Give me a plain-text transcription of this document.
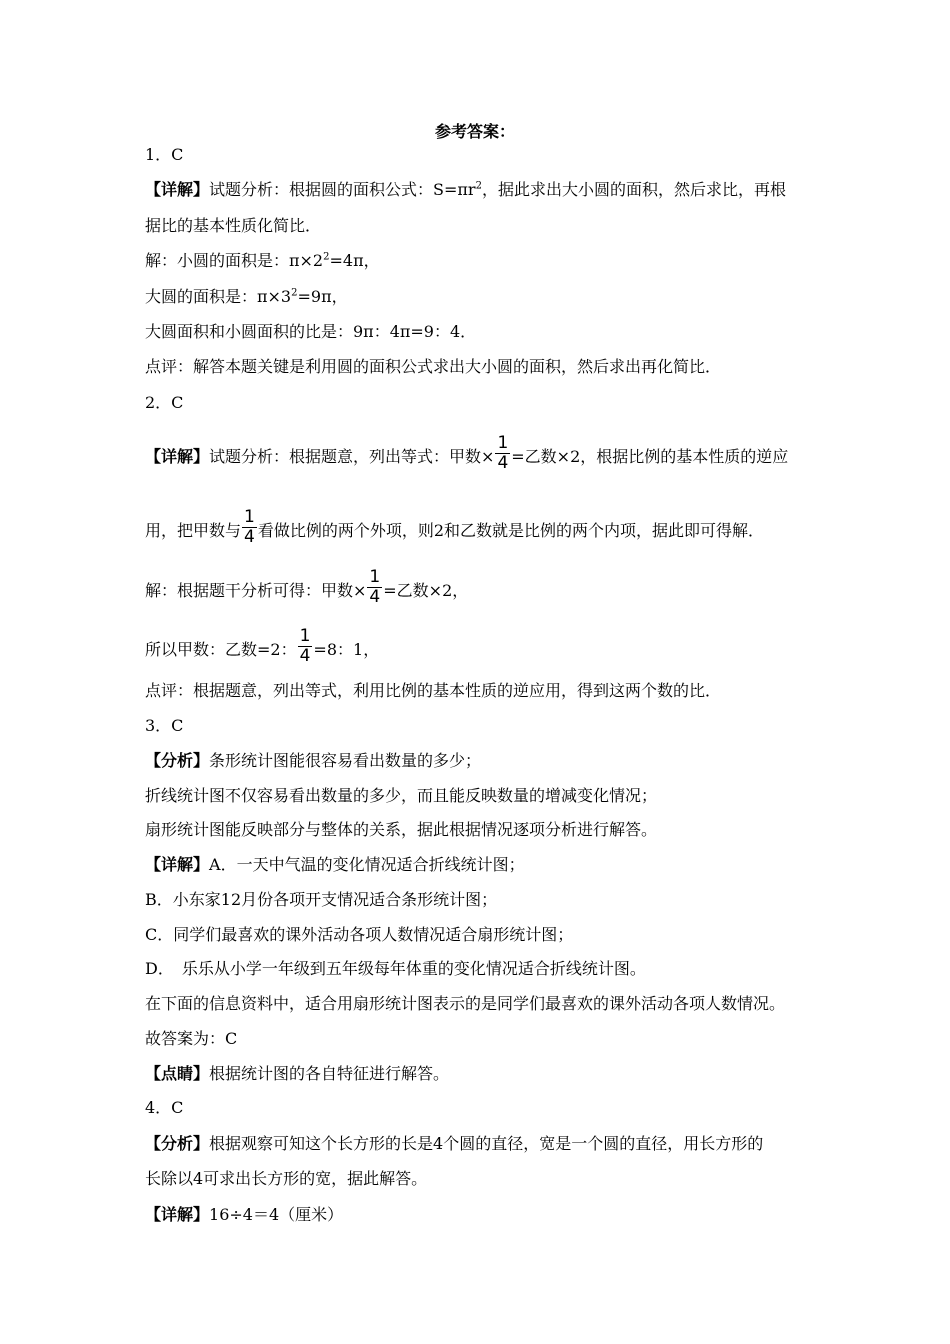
参考答案：
1．C
【详解】试题分析：根据圆的面积公式：$S=\pi r^2$，据此求出大小圆的面积，然后求比，再根
据比的基本性质化简比．
解：小圆的面积是：$\pi\times 2^2=4\pi$，
大圆的面积是：$\pi\times 3^2=9\pi$，
大圆面积和小圆面积的比是：9π：4π=9：4．
点评：解答本题关键是利用圆的面积公式求出大小圆的面积，然后求出再化简比．
2．C
【详解】试题分析：根据题意，列出等式：甲数× $\frac{1}{4}$ =乙数×2，根据比例的基本性质的逆应
用，把甲数与 $\frac{1}{4}$ 看做比例的两个外项，则2和乙数就是比例的两个内项，据此即可得解．
解：根据题干分析可得：甲数× $\frac{1}{4}$ =乙数×2，
所以甲数：乙数=2： $\frac{1}{4} =8$：1，
点评：根据题意，列出等式，利用比例的基本性质的逆应用，得到这两个数的比．
3．C
【分析】条形统计图能很容易看出数量的多少；
折线统计图不仅容易看出数量的多少，而且能反映数量的增减变化情况；
扇形统计图能反映部分与整体的关系，据此根据情况逐项分析进行解答。
【详解】A．一天中气温的变化情况适合折线统计图；
B．小东家12月份各项开支情况适合条形统计图；
C．同学们最喜欢的课外活动各项人数情况适合扇形统计图；
D．　乐乐从小学一年级到五年级每年体重的变化情况适合折线统计图。
在下面的信息资料中，适合用扇形统计图表示的是同学们最喜欢的课外活动各项人数情况。
故答案为：C
【点睛】根据统计图的各自特征进行解答。
4．C
【分析】根据观察可知这个长方形的长是4个圆的直径，宽是一个圆的直径，用长方形的
长除以4可求出长方形的宽，据此解答。
【详解】16÷4＝4（厘米）
